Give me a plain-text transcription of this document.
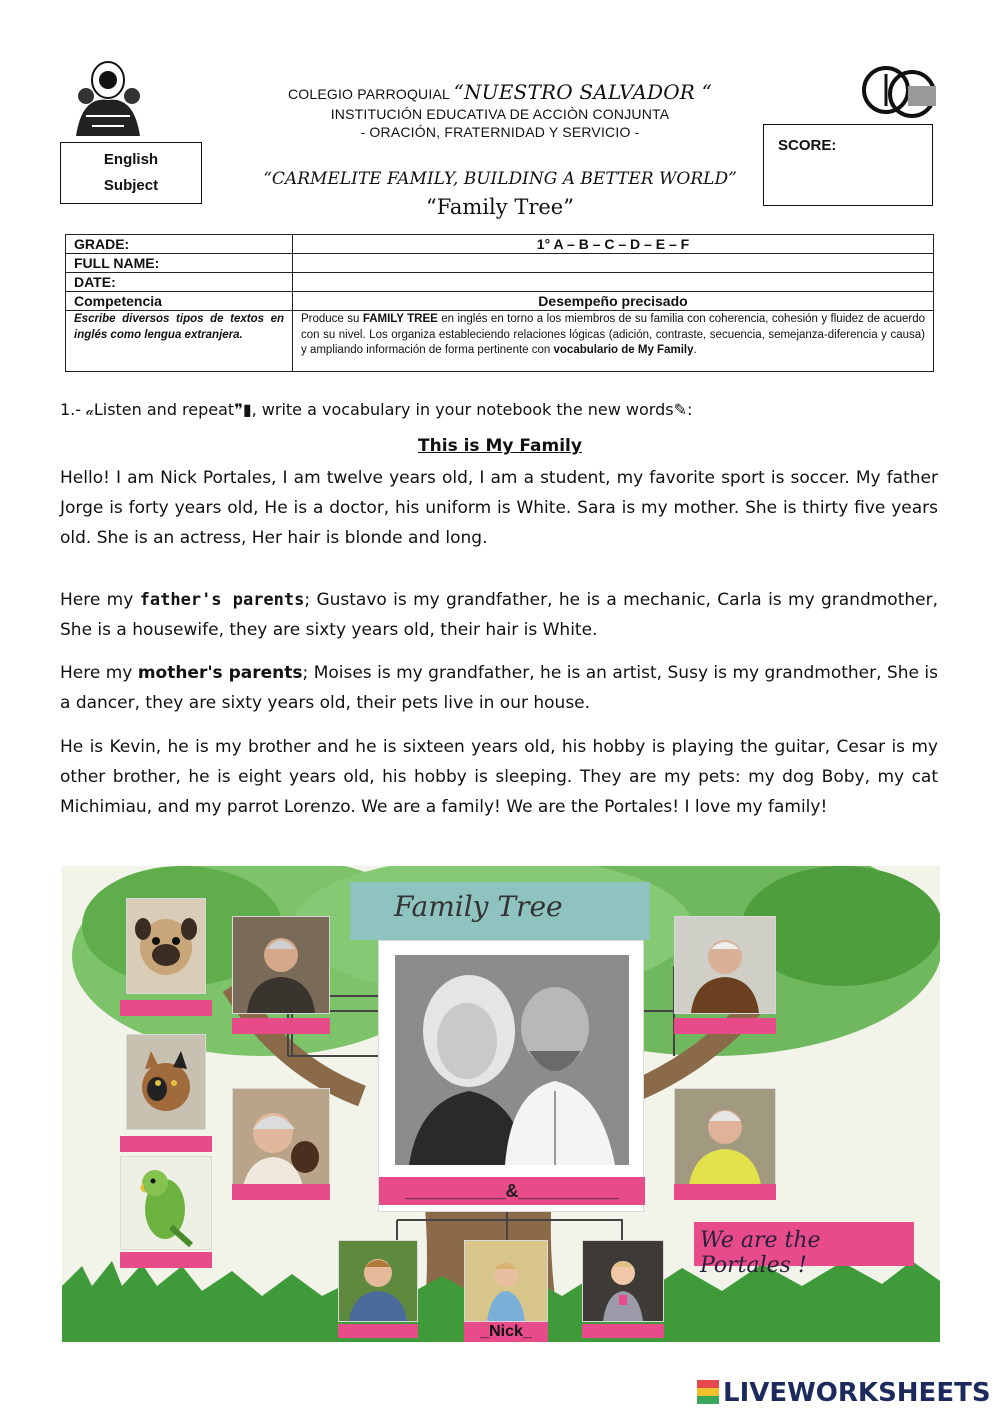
COLEGIO PARROQUIAL “NUESTRO SALVADOR “
INSTITUCIÓN EDUCATIVA DE ACCIÒN CONJUNTA
- ORACIÓN, FRATERNIDAD Y SERVICIO -
English
Subject
SCORE:
“CARMELITE FAMILY, BUILDING A BETTER WORLD”
“Family Tree”
GRADE:	1° A – B – C – D – E – F
FULL NAME:	
DATE:	
Competencia	Desempeño precisado
Escribe diversos tipos de textos en inglés como lengua extranjera.	Produce su FAMILY TREE en inglés en torno a los miembros de su familia con coherencia, cohesión y fluidez de acuerdo con su nivel. Los organiza estableciendo relaciones lógicas (adición, contraste, secuencia, semejanza-diferencia y causa) y ampliando información de forma pertinente con vocabulario de My Family.
1.- 𝒶Listen and repeat❞▮, write a vocabulary in your notebook the new words✎:
This is My Family

Hello! I am Nick Portales, I am twelve years old, I am a student, my favorite sport is soccer. My father Jorge is forty years old, He is a doctor, his uniform is White. Sara is my mother. She is thirty five years old. She is an actress, Her hair is blonde and long.

Here my father's parents; Gustavo is my grandfather, he is a mechanic, Carla is my grandmother, She is a housewife, they are sixty years old, their hair is White.

Here my mother's parents; Moises is my grandfather, he is an artist, Susy is my grandmother, She is a dancer, they are sixty years old, their pets live in our house.

He is Kevin, he is my brother and he is sixteen years old, his hobby is playing the guitar, Cesar is my other brother, he is eight years old, his hobby is sleeping. They are my pets: my dog Boby, my cat Michimiau, and my parrot Lorenzo. We are a family! We are the Portales! I love my family!

Family Tree
__________&__________
We are the Portales !
_Nick_
LIVEWORKSHEETS
